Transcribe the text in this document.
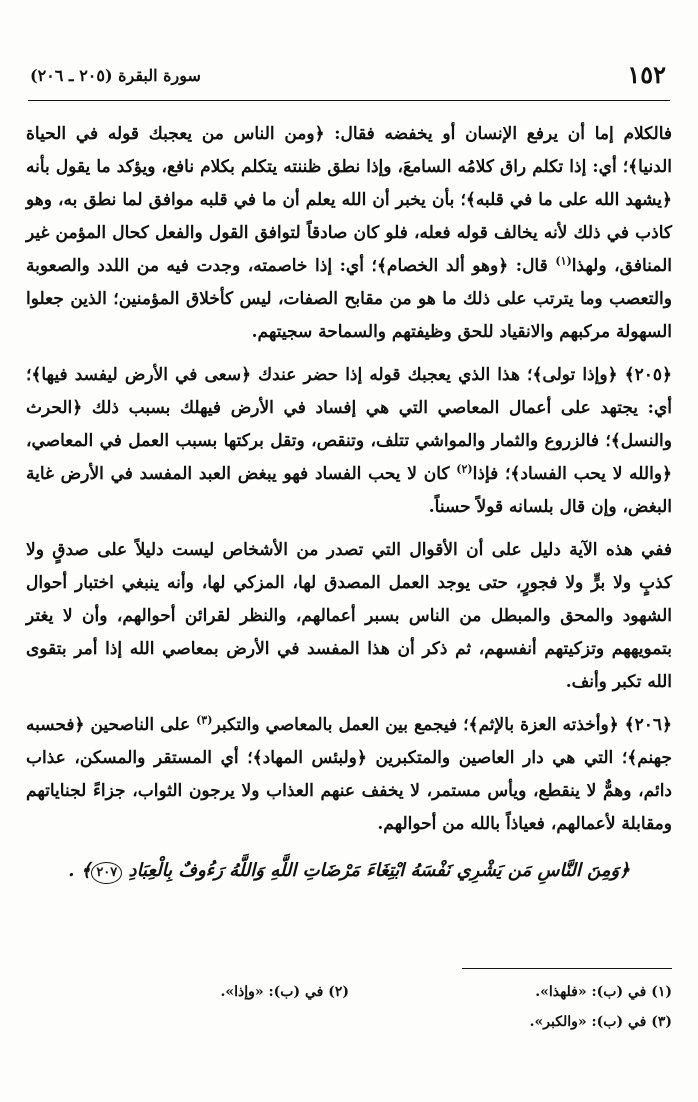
١٥٢
سورة البقرة (٢٠٥ ـ ٢٠٦)

فالكلام إما أن يرفع الإنسان أو يخفضه فقال: ﴿ومن الناس من يعجبك قوله في الحياة الدنيا﴾؛ أي: إذا تكلم راق كلامُه السامعَ، وإذا نطق ظننته يتكلم بكلام نافع، ويؤكد ما يقول بأنه ﴿يشهد الله على ما في قلبه﴾؛ بأن يخبر أن الله يعلم أن ما في قلبه موافق لما نطق به، وهو كاذب في ذلك لأنه يخالف قوله فعله، فلو كان صادقاً لتوافق القول والفعل كحال المؤمن غير المنافق، ولهذا$^{(١)}$ قال: ﴿وهو ألد الخصام﴾؛ أي: إذا خاصمته، وجدت فيه من اللدد والصعوبة والتعصب وما يترتب على ذلك ما هو من مقابح الصفات، ليس كأخلاق المؤمنين؛ الذين جعلوا السهولة مركبهم والانقياد للحق وظيفتهم والسماحة سجيتهم.

﴿٢٠٥﴾ ﴿وإذا تولى﴾؛ هذا الذي يعجبك قوله إذا حضر عندك ﴿سعى في الأرض ليفسد فيها﴾؛ أي: يجتهد على أعمال المعاصي التي هي إفساد في الأرض فيهلك بسبب ذلك ﴿الحرث والنسل﴾؛ فالزروع والثمار والمواشي تتلف، وتنقص، وتقل بركتها بسبب العمل في المعاصي، ﴿والله لا يحب الفساد﴾؛ فإذا$^{(٢)}$ كان لا يحب الفساد فهو يبغض العبد المفسد في الأرض غاية البغض، وإن قال بلسانه قولاً حسناً.

ففي هذه الآية دليل على أن الأقوال التي تصدر من الأشخاص ليست دليلاً على صدقٍ ولا كذبٍ ولا برٍّ ولا فجورٍ، حتى يوجد العمل المصدق لها، المزكي لها، وأنه ينبغي اختبار أحوال الشهود والمحق والمبطل من الناس بسبر أعمالهم، والنظر لقرائن أحوالهم، وأن لا يغتر بتمويههم وتزكيتهم أنفسهم، ثم ذكر أن هذا المفسد في الأرض بمعاصي الله إذا أمر بتقوى الله تكبر وأنف.

﴿٢٠٦﴾ ﴿وأخذته العزة بالإثم﴾؛ فيجمع بين العمل بالمعاصي والتكبر$^{(٣)}$ على الناصحين ﴿فحسبه جهنم﴾؛ التي هي دار العاصين والمتكبرين ﴿ولبئس المهاد﴾؛ أي المستقر والمسكن، عذاب دائم، وهمٌّ لا ينقطع، ويأس مستمر، لا يخفف عنهم العذاب ولا يرجون الثواب، جزاءً لجناياتهم ومقابلة لأعمالهم، فعياذاً بالله من أحوالهم.

﴿وَمِنَ النَّاسِ مَن يَشْرِي نَفْسَهُ ابْتِغَاءَ مَرْضَاتِ اللَّهِ وَاللَّهُ رَءُوفٌ بِالْعِبَادِ ٢٠٧﴾ .
(١) في (ب): «فلهذا».
(٢) في (ب): «وإذا».
(٣) في (ب): «والكبر».
